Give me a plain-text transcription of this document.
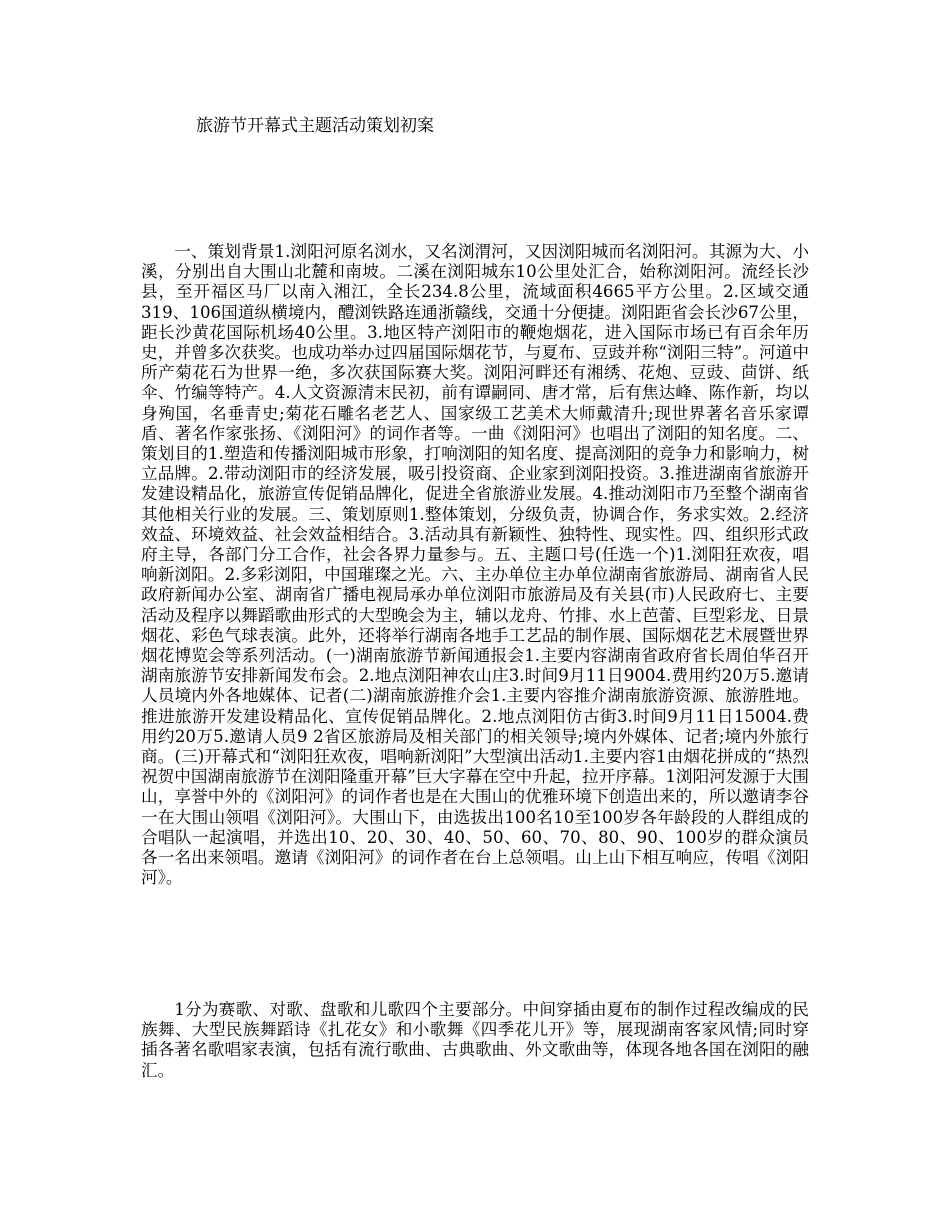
旅游节开幕式主题活动策划初案

一、策划背景1.浏阳河原名浏水，又名浏渭河，又因浏阳城而名浏阳河。其源为大、小溪，分别出自大围山北麓和南坡。二溪在浏阳城东10公里处汇合，始称浏阳河。流经长沙县，至开福区马厂以南入湘江，全长234.8公里，流域面积4665平方公里。2.区域交通319、106国道纵横境内，醴浏铁路连通浙赣线，交通十分便捷。浏阳距省会长沙67公里，距长沙黄花国际机场40公里。3.地区特产浏阳市的鞭炮烟花，进入国际市场已有百余年历史，并曾多次获奖。也成功举办过四届国际烟花节，与夏布、豆豉并称“浏阳三特”。河道中所产菊花石为世界一绝，多次获国际赛大奖。浏阳河畔还有湘绣、花炮、豆豉、茴饼、纸伞、竹编等特产。4.人文资源清末民初，前有谭嗣同、唐才常，后有焦达峰、陈作新，均以身殉国，名垂青史;菊花石雕名老艺人、国家级工艺美术大师戴清升;现世界著名音乐家谭盾、著名作家张扬、《浏阳河》的词作者等。一曲《浏阳河》也唱出了浏阳的知名度。二、策划目的1.塑造和传播浏阳城市形象，打响浏阳的知名度、提高浏阳的竞争力和影响力，树立品牌。2.带动浏阳市的经济发展，吸引投资商、企业家到浏阳投资。3.推进湖南省旅游开发建设精品化，旅游宣传促销品牌化，促进全省旅游业发展。4.推动浏阳市乃至整个湖南省其他相关行业的发展。三、策划原则1.整体策划，分级负责，协调合作，务求实效。2.经济效益、环境效益、社会效益相结合。3.活动具有新颖性、独特性、现实性。四、组织形式政府主导，各部门分工合作，社会各界力量参与。五、主题口号(任选一个)1.浏阳狂欢夜，唱响新浏阳。2.多彩浏阳，中国璀璨之光。六、主办单位主办单位湖南省旅游局、湖南省人民政府新闻办公室、湖南省广播电视局承办单位浏阳市旅游局及有关县(市)人民政府七、主要活动及程序以舞蹈歌曲形式的大型晚会为主，辅以龙舟、竹排、水上芭蕾、巨型彩龙、日景烟花、彩色气球表演。此外，还将举行湖南各地手工艺品的制作展、国际烟花艺术展暨世界烟花博览会等系列活动。(一)湖南旅游节新闻通报会1.主要内容湖南省政府省长周伯华召开湖南旅游节安排新闻发布会。2.地点浏阳神农山庄3.时间9月11日9004.费用约20万5.邀请人员境内外各地媒体、记者(二)湖南旅游推介会1.主要内容推介湖南旅游资源、旅游胜地。推进旅游开发建设精品化、宣传促销品牌化。2.地点浏阳仿古街3.时间9月11日15004.费用约20万5.邀请人员9 2省区旅游局及相关部门的相关领导;境内外媒体、记者;境内外旅行商。(三)开幕式和“浏阳狂欢夜，唱响新浏阳”大型演出活动1.主要内容1由烟花拼成的“热烈祝贺中国湖南旅游节在浏阳隆重开幕”巨大字幕在空中升起，拉开序幕。1浏阳河发源于大围山，享誉中外的《浏阳河》的词作者也是在大围山的优雅环境下创造出来的，所以邀请李谷一在大围山领唱《浏阳河》。大围山下，由选拔出100名10至100岁各年龄段的人群组成的合唱队一起演唱，并选出10、20、30、40、50、60、70、80、90、100岁的群众演员各一名出来领唱。邀请《浏阳河》的词作者在台上总领唱。山上山下相互响应，传唱《浏阳河》。

1分为赛歌、对歌、盘歌和儿歌四个主要部分。中间穿插由夏布的制作过程改编成的民族舞、大型民族舞蹈诗《扎花女》和小歌舞《四季花儿开》等，展现湖南客家风情;同时穿插各著名歌唱家表演，包括有流行歌曲、古典歌曲、外文歌曲等，体现各地各国在浏阳的融汇。
